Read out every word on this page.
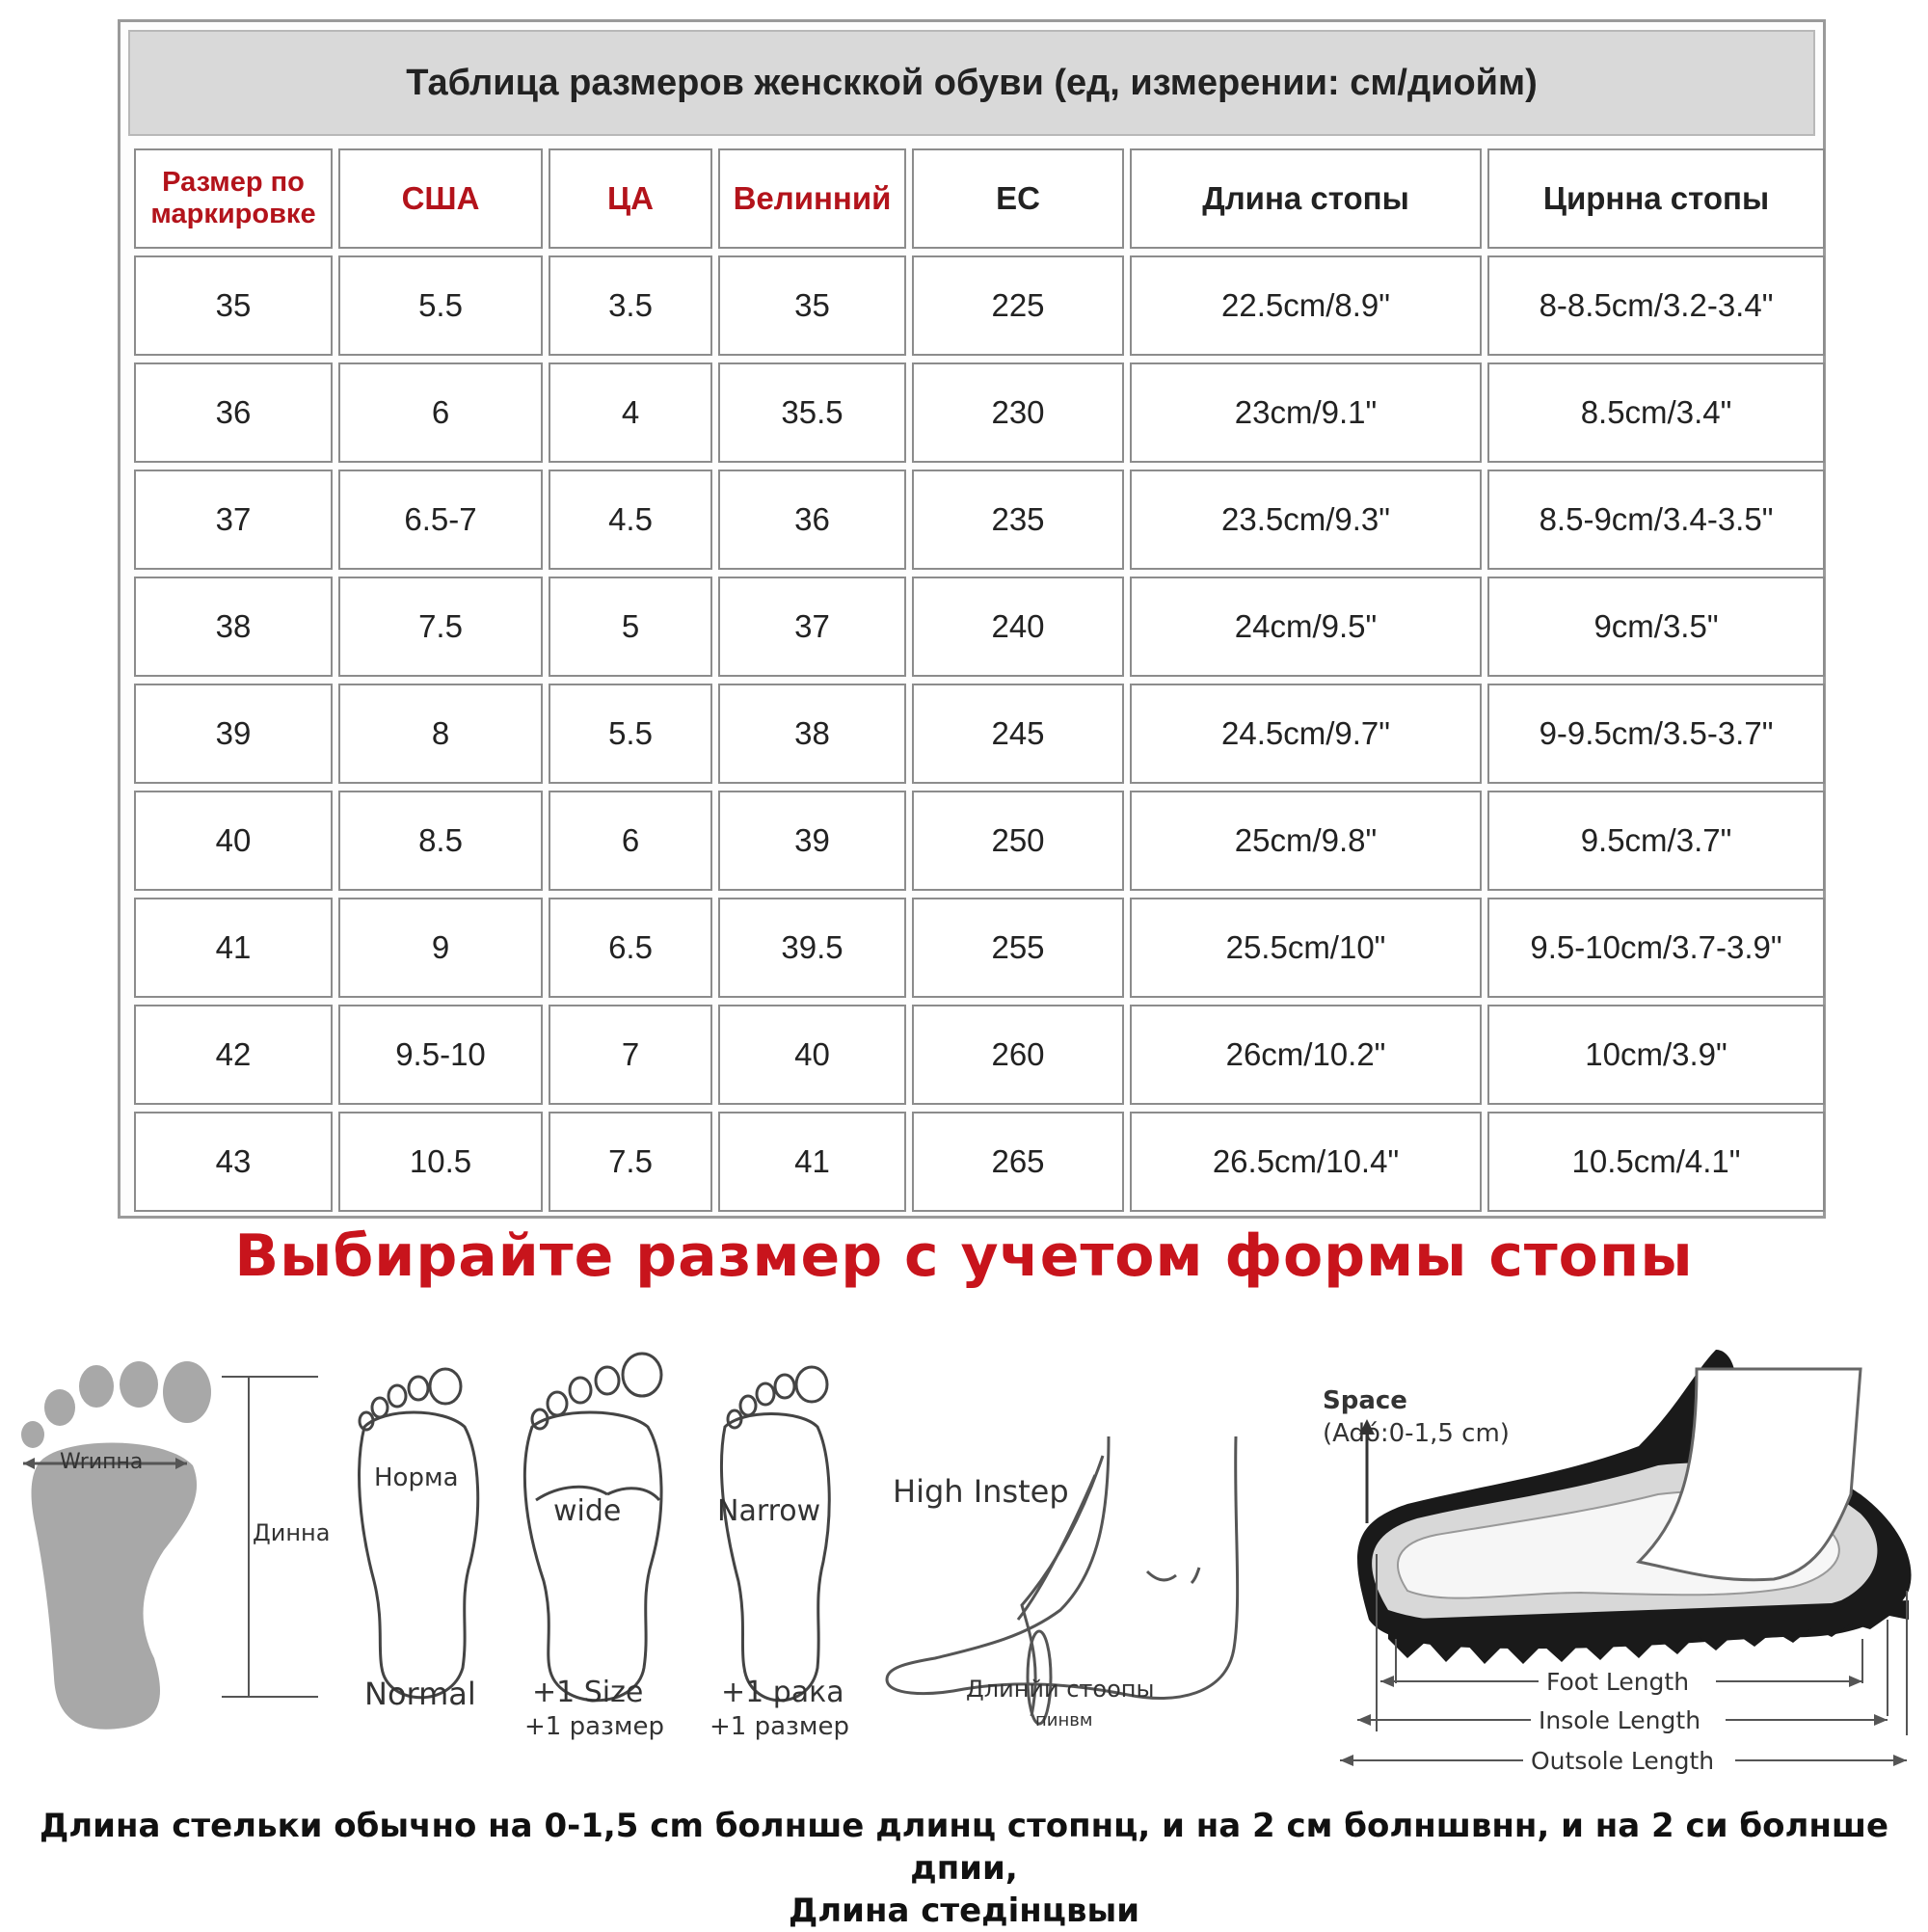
Таблица размеров женсккой обуви (ед, измерении: см/диойм)
Размер по маркировке	США	ЦА	Велинний	EC	Длина стопы	Цирнна стопы
35	5.5	3.5	35	225	22.5cm/8.9"	8-8.5cm/3.2-3.4"
36	6	4	35.5	230	23cm/9.1"	8.5cm/3.4"
37	6.5-7	4.5	36	235	23.5cm/9.3"	8.5-9cm/3.4-3.5"
38	7.5	5	37	240	24cm/9.5"	9cm/3.5"
39	8	5.5	38	245	24.5cm/9.7"	9-9.5cm/3.5-3.7"
40	8.5	6	39	250	25cm/9.8"	9.5cm/3.7"
41	9	6.5	39.5	255	25.5cm/10"	9.5-10cm/3.7-3.9"
42	9.5-10	7	40	260	26cm/10.2"	10cm/3.9"
43	10.5	7.5	41	265	26.5cm/10.4"	10.5cm/4.1"
Выбирайте размер с учетом формы стопы
Wrипна
Динна
Норма
Normal
wide
+1 Size
+1 размер
Narrow
+1 рака
+1 размер
High Instep
Длинйи стоопы
пинвм
Space
(Adó:0-1,5 cm)
Foot Length
Insole Length
Outsole Length
Длина стельки обычно на 0-1,5 cm болнше длинц стопнц, и на 2 cм болншвнн, и на 2 си болнше дпии,
Длина стедiнцвыи
